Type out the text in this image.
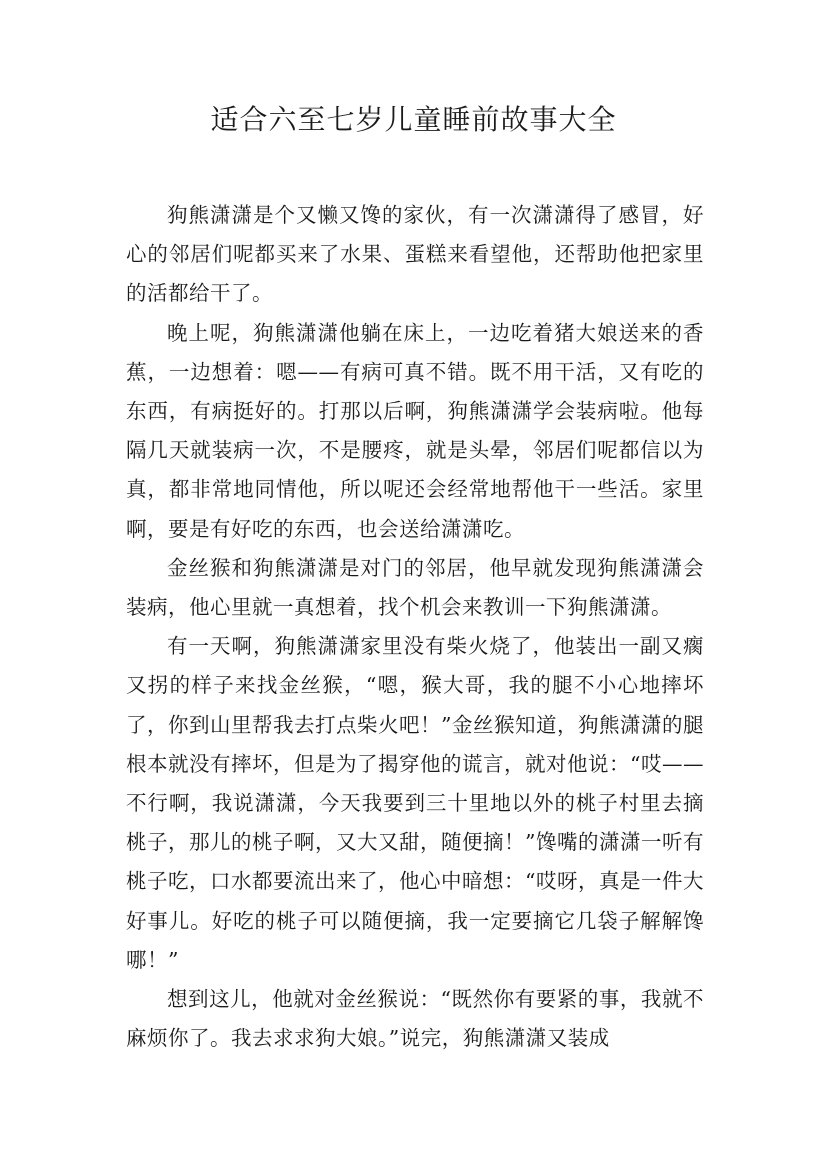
适合六至七岁儿童睡前故事大全

狗熊潇潇是个又懒又馋的家伙，有一次潇潇得了感冒，好心的邻居们呢都买来了水果、蛋糕来看望他，还帮助他把家里的活都给干了。

晚上呢，狗熊潇潇他躺在床上，一边吃着猪大娘送来的香蕉，一边想着：嗯——有病可真不错。既不用干活，又有吃的东西，有病挺好的。打那以后啊，狗熊潇潇学会装病啦。他每隔几天就装病一次，不是腰疼，就是头晕，邻居们呢都信以为真，都非常地同情他，所以呢还会经常地帮他干一些活。家里啊，要是有好吃的东西，也会送给潇潇吃。

金丝猴和狗熊潇潇是对门的邻居，他早就发现狗熊潇潇会装病，他心里就一真想着，找个机会来教训一下狗熊潇潇。

有一天啊，狗熊潇潇家里没有柴火烧了，他装出一副又瘸又拐的样子来找金丝猴，“嗯，猴大哥，我的腿不小心地摔坏了，你到山里帮我去打点柴火吧！”金丝猴知道，狗熊潇潇的腿根本就没有摔坏，但是为了揭穿他的谎言，就对他说：“哎——不行啊，我说潇潇，今天我要到三十里地以外的桃子村里去摘桃子，那儿的桃子啊，又大又甜，随便摘！”馋嘴的潇潇一听有桃子吃，口水都要流出来了，他心中暗想：“哎呀，真是一件大好事儿。好吃的桃子可以随便摘，我一定要摘它几袋子解解馋哪！”

想到这儿，他就对金丝猴说：“既然你有要紧的事，我就不麻烦你了。我去求求狗大娘。”说完，狗熊潇潇又装成
